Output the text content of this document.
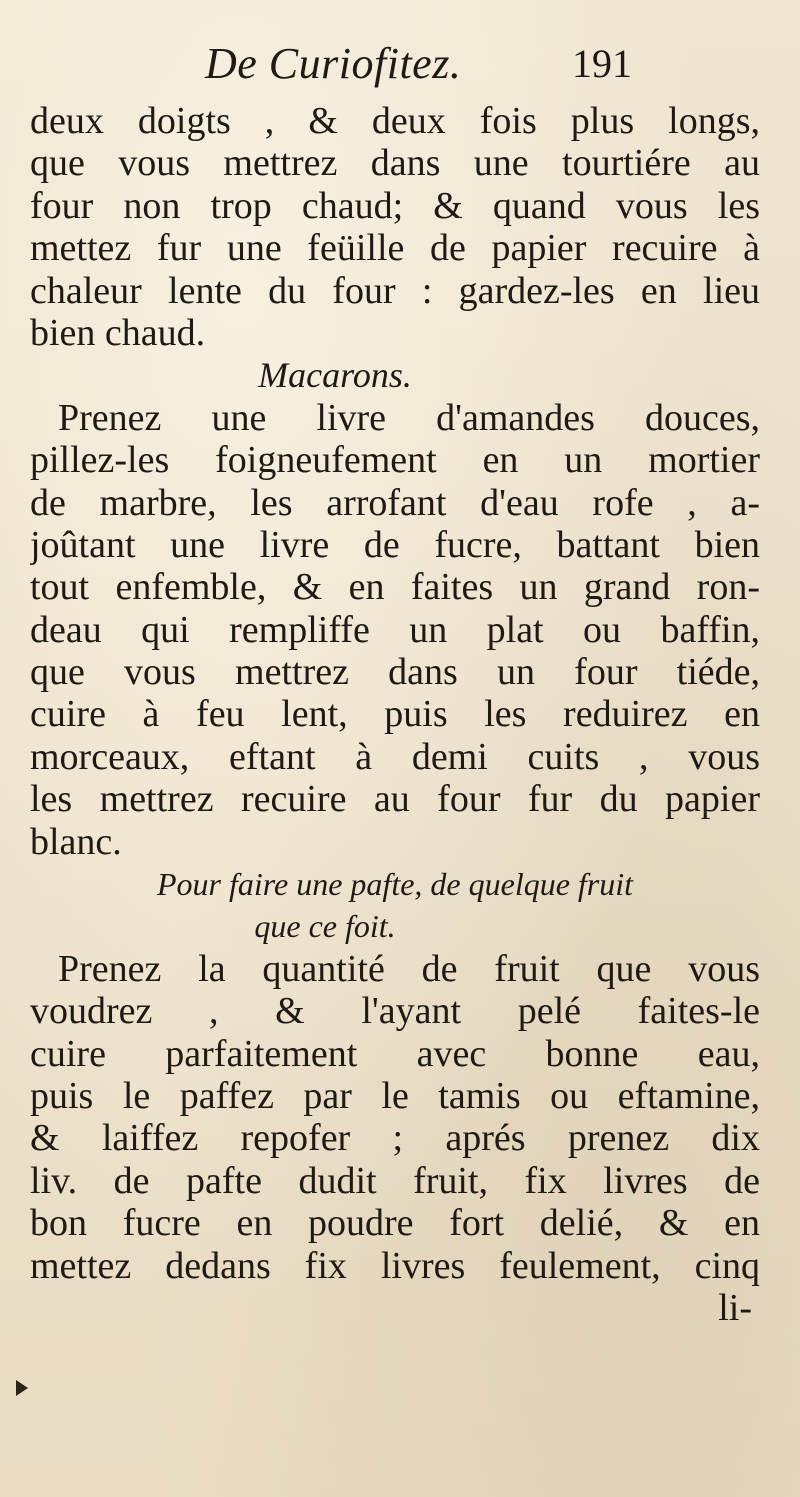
De Curiofitez.	191
deux doigts , & deux fois plus longs,
que vous mettrez dans une tourtiére au
four non trop chaud; & quand vous les
mettez fur une feüille de papier recuire à
chaleur lente du four : gardez-les en lieu
bien chaud.
Macarons.
Prenez une livre d'amandes douces,
pillez-les foigneufement en un mortier
de marbre, les arrofant d'eau rofe , a-
joûtant une livre de fucre, battant bien
tout enfemble, & en faites un grand ron-
deau qui rempliffe un plat ou baffin,
que vous mettrez dans un four tiéde,
cuire à feu lent, puis les reduirez en
morceaux, eftant à demi cuits , vous
les mettrez recuire au four fur du papier
blanc.
Pour faire une pafte, de quelque fruit
que ce foit.
Prenez la quantité de fruit que vous
voudrez , & l'ayant pelé faites-le
cuire parfaitement avec bonne eau,
puis le paffez par le tamis ou eftamine,
& laiffez repofer ; aprés prenez dix
liv. de pafte dudit fruit, fix livres de
bon fucre en poudre fort delié, & en
mettez dedans fix livres feulement, cinq
li-
